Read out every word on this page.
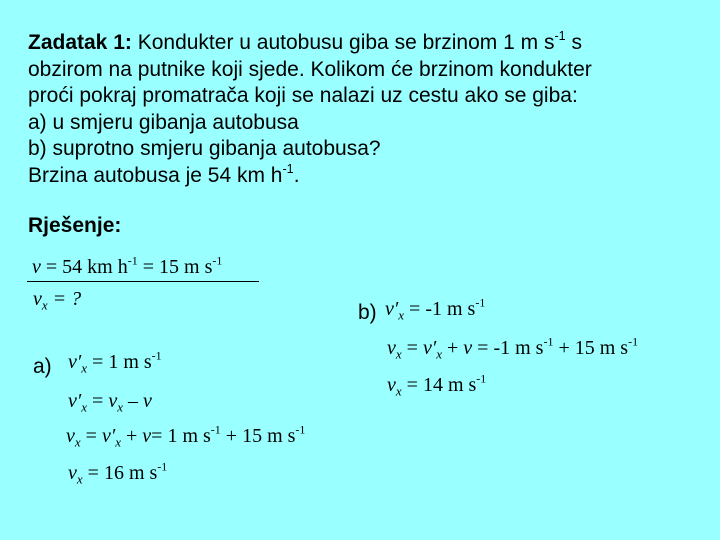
Zadatak 1: Kondukter u autobusu giba se brzinom 1 m $s^{-1}$ s
obzirom na putnike koji sjede. Kolikom će brzinom kondukter
proći pokraj promatrača koji se nalazi uz cestu ako se giba:
a) u smjeru gibanja autobusa
b) suprotno smjeru gibanja autobusa?
Brzina autobusa je 54 km $h^{-1}$.
Rješenje:
v = 54 km $h^{-1} = 15$ m $s^{-1}$
$v_x$ = ?
a) $v'_x = 1$ m $s^{-1}$
$v'_x = v_x - v$
$v_x = v'_x + v= 1$ m $s^{-1} + 15$ m $s^{-1}$
$v_x = 16$ m $s^{-1}$
b) $v'_x = -1$ m $s^{-1}$
$v_x = v'_x + v = -1$ m $s^{-1} + 15$ m $s^{-1}$
$v_x = 14$ m $s^{-1}$
